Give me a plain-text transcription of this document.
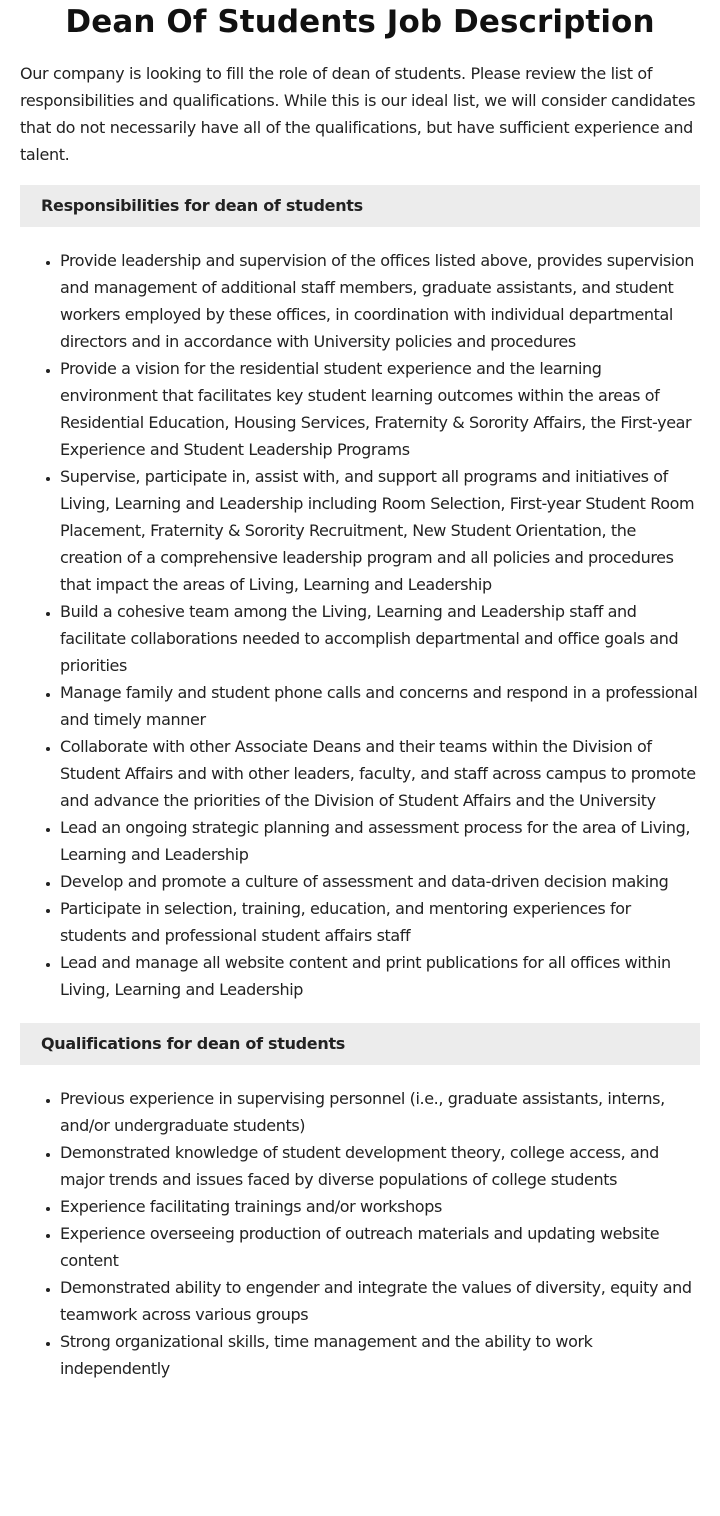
Dean Of Students Job Description

Our company is looking to fill the role of dean of students. Please review the list of responsibilities and qualifications. While this is our ideal list, we will consider candidates that do not necessarily have all of the qualifications, but have sufficient experience and talent.

Responsibilities for dean of students
• Provide leadership and supervision of the offices listed above, provides supervision and management of additional staff members, graduate assistants, and student workers employed by these offices, in coordination with individual departmental directors and in accordance with University policies and procedures
• Provide a vision for the residential student experience and the learning environment that facilitates key student learning outcomes within the areas of Residential Education, Housing Services, Fraternity & Sorority Affairs, the First-year Experience and Student Leadership Programs
• Supervise, participate in, assist with, and support all programs and initiatives of Living, Learning and Leadership including Room Selection, First-year Student Room Placement, Fraternity & Sorority Recruitment, New Student Orientation, the creation of a comprehensive leadership program and all policies and procedures that impact the areas of Living, Learning and Leadership
• Build a cohesive team among the Living, Learning and Leadership staff and facilitate collaborations needed to accomplish departmental and office goals and priorities
• Manage family and student phone calls and concerns and respond in a professional and timely manner
• Collaborate with other Associate Deans and their teams within the Division of Student Affairs and with other leaders, faculty, and staff across campus to promote and advance the priorities of the Division of Student Affairs and the University
• Lead an ongoing strategic planning and assessment process for the area of Living, Learning and Leadership
• Develop and promote a culture of assessment and data-driven decision making
• Participate in selection, training, education, and mentoring experiences for students and professional student affairs staff
• Lead and manage all website content and print publications for all offices within Living, Learning and Leadership
Qualifications for dean of students
• Previous experience in supervising personnel (i.e., graduate assistants, interns, and/or undergraduate students)
• Demonstrated knowledge of student development theory, college access, and major trends and issues faced by diverse populations of college students
• Experience facilitating trainings and/or workshops
• Experience overseeing production of outreach materials and updating website content
• Demonstrated ability to engender and integrate the values of diversity, equity and teamwork across various groups
• Strong organizational skills, time management and the ability to work independently
